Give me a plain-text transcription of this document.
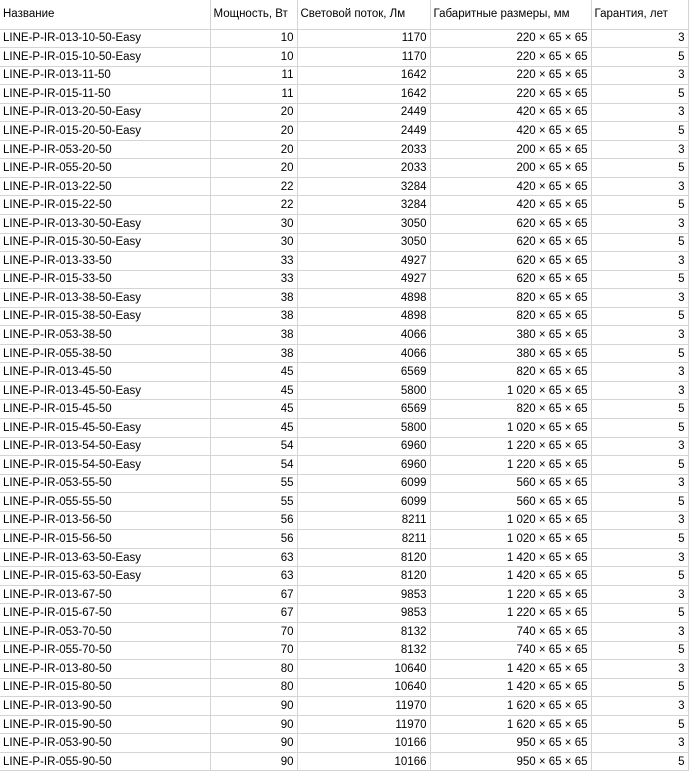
Название	Мощность, Вт	Световой поток, Лм	Габаритные размеры, мм	Гарантия, лет
LINE-P-IR-013-10-50-Easy	10	1170	220 × 65 × 65	3
LINE-P-IR-015-10-50-Easy	10	1170	220 × 65 × 65	5
LINE-P-IR-013-11-50	11	1642	220 × 65 × 65	3
LINE-P-IR-015-11-50	11	1642	220 × 65 × 65	5
LINE-P-IR-013-20-50-Easy	20	2449	420 × 65 × 65	3
LINE-P-IR-015-20-50-Easy	20	2449	420 × 65 × 65	5
LINE-P-IR-053-20-50	20	2033	200 × 65 × 65	3
LINE-P-IR-055-20-50	20	2033	200 × 65 × 65	5
LINE-P-IR-013-22-50	22	3284	420 × 65 × 65	3
LINE-P-IR-015-22-50	22	3284	420 × 65 × 65	5
LINE-P-IR-013-30-50-Easy	30	3050	620 × 65 × 65	3
LINE-P-IR-015-30-50-Easy	30	3050	620 × 65 × 65	5
LINE-P-IR-013-33-50	33	4927	620 × 65 × 65	3
LINE-P-IR-015-33-50	33	4927	620 × 65 × 65	5
LINE-P-IR-013-38-50-Easy	38	4898	820 × 65 × 65	3
LINE-P-IR-015-38-50-Easy	38	4898	820 × 65 × 65	5
LINE-P-IR-053-38-50	38	4066	380 × 65 × 65	3
LINE-P-IR-055-38-50	38	4066	380 × 65 × 65	5
LINE-P-IR-013-45-50	45	6569	820 × 65 × 65	3
LINE-P-IR-013-45-50-Easy	45	5800	1 020 × 65 × 65	3
LINE-P-IR-015-45-50	45	6569	820 × 65 × 65	5
LINE-P-IR-015-45-50-Easy	45	5800	1 020 × 65 × 65	5
LINE-P-IR-013-54-50-Easy	54	6960	1 220 × 65 × 65	3
LINE-P-IR-015-54-50-Easy	54	6960	1 220 × 65 × 65	5
LINE-P-IR-053-55-50	55	6099	560 × 65 × 65	3
LINE-P-IR-055-55-50	55	6099	560 × 65 × 65	5
LINE-P-IR-013-56-50	56	8211	1 020 × 65 × 65	3
LINE-P-IR-015-56-50	56	8211	1 020 × 65 × 65	5
LINE-P-IR-013-63-50-Easy	63	8120	1 420 × 65 × 65	3
LINE-P-IR-015-63-50-Easy	63	8120	1 420 × 65 × 65	5
LINE-P-IR-013-67-50	67	9853	1 220 × 65 × 65	3
LINE-P-IR-015-67-50	67	9853	1 220 × 65 × 65	5
LINE-P-IR-053-70-50	70	8132	740 × 65 × 65	3
LINE-P-IR-055-70-50	70	8132	740 × 65 × 65	5
LINE-P-IR-013-80-50	80	10640	1 420 × 65 × 65	3
LINE-P-IR-015-80-50	80	10640	1 420 × 65 × 65	5
LINE-P-IR-013-90-50	90	11970	1 620 × 65 × 65	3
LINE-P-IR-015-90-50	90	11970	1 620 × 65 × 65	5
LINE-P-IR-053-90-50	90	10166	950 × 65 × 65	3
LINE-P-IR-055-90-50	90	10166	950 × 65 × 65	5
